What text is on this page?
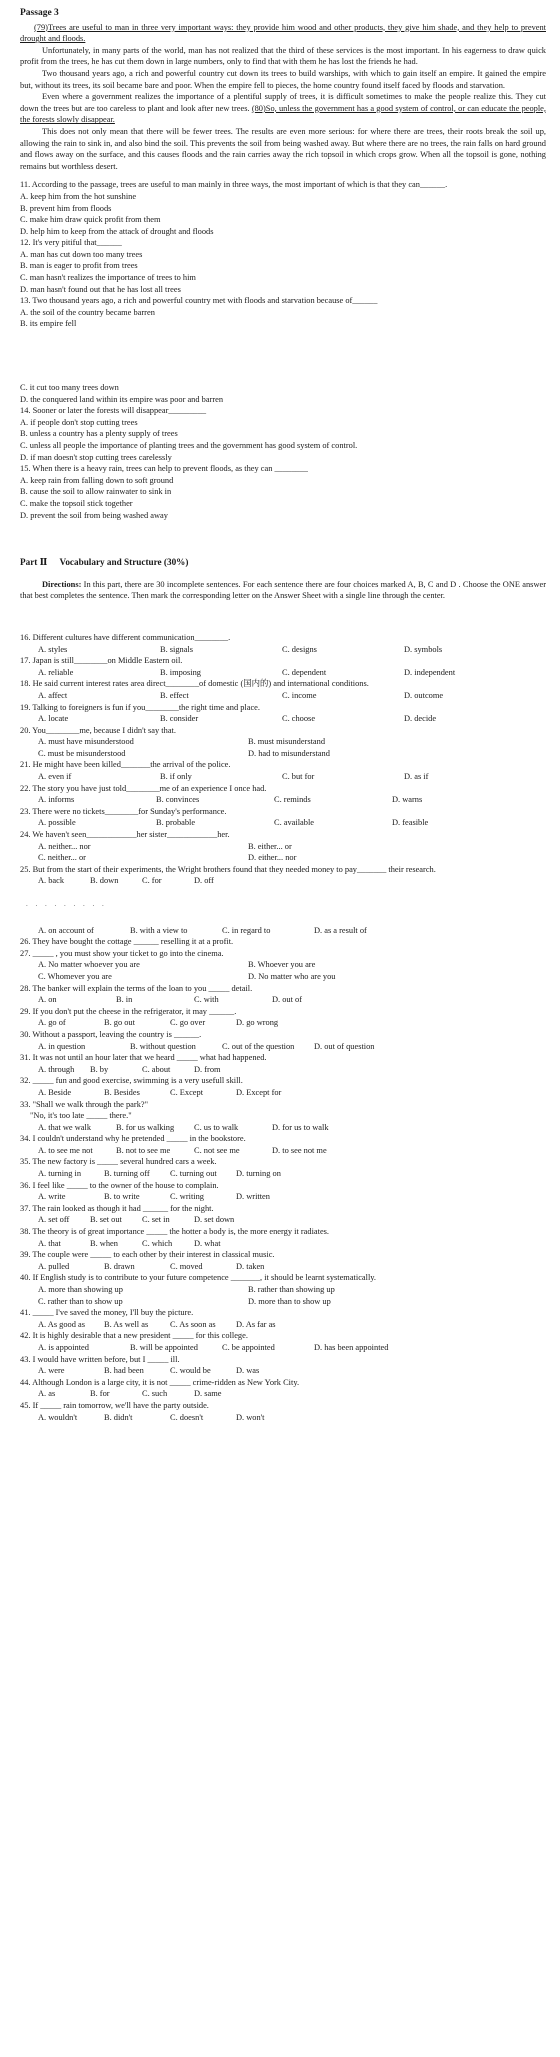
Passage 3

(79)Trees are useful to man in three very important ways: they provide him wood and other products, they give him shade, and they help to prevent drought and floods.

Unfortunately, in many parts of the world, man has not realized that the third of these services is the most important. In his eagerness to draw quick profit from the trees, he has cut them down in large numbers, only to find that with them he has lost the friends he had.

Two thousand years ago, a rich and powerful country cut down its trees to build warships, with which to gain itself an empire. It gained the empire but, without its trees, its soil became bare and poor. When the empire fell to pieces, the home country found itself faced by floods and starvation.

Even where a government realizes the importance of a plentiful supply of trees, it is difficult sometimes to make the people realize this. They cut down the trees but are too careless to plant and look after new trees. (80)So, unless the government has a good system of control, or can educate the people, the forests slowly disappear.

This does not only mean that there will be fewer trees. The results are even more serious: for where there are trees, their roots break the soil up, allowing the rain to sink in, and also bind the soil. This prevents the soil from being washed away. But where there are no trees, the rain falls on hard ground and flows away on the surface, and this causes floods and the rain carries away the rich topsoil in which crops grow. When all the topsoil is gone, nothing remains but worthless desert.

11. According to the passage, trees are useful to man mainly in three ways, the most important of which is that they can______.

A. keep him from the hot sunshine

B. prevent him from floods

C. make him draw quick profit from them

D. help him to keep from the attack of drought and floods

12. It's very pitiful that______

A. man has cut down too many trees

B. man is eager to profit from trees

C. man hasn't realizes the importance of trees to him

D. man hasn't found out that he has lost all trees

13. Two thousand years ago, a rich and powerful country met with floods and starvation because of______

A. the soil of the country became barren

B. its empire fell

C. it cut too many trees down

D. the conquered land within its empire was poor and barren

14. Sooner or later the forests will disappear_________

A. if people don't stop cutting trees

B. unless a country has a plenty supply of trees

C. unless all people the importance of planting trees and the government has good system of control.

D. if man doesn't stop cutting trees carelessly

15. When there is a heavy rain, trees can help to prevent floods, as they can ________

A. keep rain from falling down to soft ground

B. cause the soil to allow rainwater to sink in

C. make the topsoil stick together

D. prevent the soil from being washed away

Part Ⅱ Vocabulary and Structure (30%)

Directions: In this part, there are 30 incomplete sentences. For each sentence there are four choices marked A, B, C and D . Choose the ONE answer that best completes the sentence. Then mark the corresponding letter on the Answer Sheet with a single line through the center.

16. Different cultures have different communication________.

A. styles	B. signals	C. designs	D. symbols

17. Japan is still________on Middle Eastern oil.

A. reliable	B. imposing	C. dependent	D. independent

18. He said current interest rates area direct________of domestic (国内的) and international conditions.

A. affect	B. effect	C. income	D. outcome

19. Talking to foreigners is fun if you________the right time and place.

A. locate	B. consider	C. choose	D. decide

20. You________me, because I didn't say that.

A. must have misunderstood	B. must misunderstand
C. must be misunderstood	D. had to misunderstand

21. He might have been killed_______the arrival of the police.

A. even if	B. if only	C. but for	D. as if

22. The story you have just told________me of an experience I once had.

A. informs	B. convinces	C. reminds	D. warns

23. There were no tickets________for Sunday's performance.

A. possible	B. probable	C. available	D. feasible

24. We haven't seen____________her sister____________her.

A. neither... nor	B. either... or
C. neither... or	D. either... nor

25. But from the start of their experiments, the Wright brothers found that they needed money to pay_______ their research.

A. back	B. down	C. for	D. off
. . . . . . . . .
A. on account of	B. with a view to	C. in regard to	D. as a result of

26. They have bought the cottage ______ reselling it at a profit.

27. _____ , you must show your ticket to go into the cinema.

A. No matter whoever you are	B. Whoever you are
C. Whomever you are	D. No matter who are you

28. The banker will explain the terms of the loan to you _____ detail.

A. on	B. in	C. with	D. out of

29. If you don't put the cheese in the refrigerator, it may ______.

A. go of	B. go out	C. go over	D. go wrong

30. Without a passport, leaving the country is ______.

A. in question	B. without question	C. out of the question	D. out of question

31. It was not until an hour later that we heard _____ what had happened.

A. through	B. by	C. about	D. from

32. _____ fun and good exercise, swimming is a very usefull skill.

A. Beside	B. Besides	C. Except	D. Except for

33. "Shall we walk through the park?"

"No, it's too late _____ there."

A. that we walk	B. for us walking	C. us to walk	D. for us to walk

34. I couldn't understand why he pretended _____ in the bookstore.

A. to see me not	B. not to see me	C. not see me	D. to see not me

35. The new factory is _____ several hundred cars a week.

A. turning in	B. turning off	C. turning out	D. turning on

36. I feel like _____ to the owner of the house to complain.

A. write	B. to write	C. writing	D. written

37. The rain looked as though it had ______ for the night.

A. set off	B. set out	C. set in	D. set down

38. The theory is of great importance _____ the hotter a body is, the more energy it radiates.

A. that	B. when	C. which	D. what

39. The couple were _____ to each other by their interest in classical music.

A. pulled	B. drawn	C. moved	D. taken

40. If English study is to contribute to your future competence _______, it should be learnt systematically.

A. more than showing up	B. rather than showing up
C. rather than to show up	D. more than to show up

41. _____ I've saved the money, I'll buy the picture.

A. As good as	B. As well as	C. As soon as	D. As far as

42. It is highly desirable that a new president _____ for this college.

A. is appointed	B. will be appointed	C. be appointed	D. has been appointed

43. I would have written before, but I _____ ill.

A. were	B. had been	C. would be	D. was

44. Although London is a large city, it is not _____ crime-ridden as New York City.

A. as	B. for	C. such	D. same

45. If _____ rain tomorrow, we'll have the party outside.

A. wouldn't	B. didn't	C. doesn't	D. won't
